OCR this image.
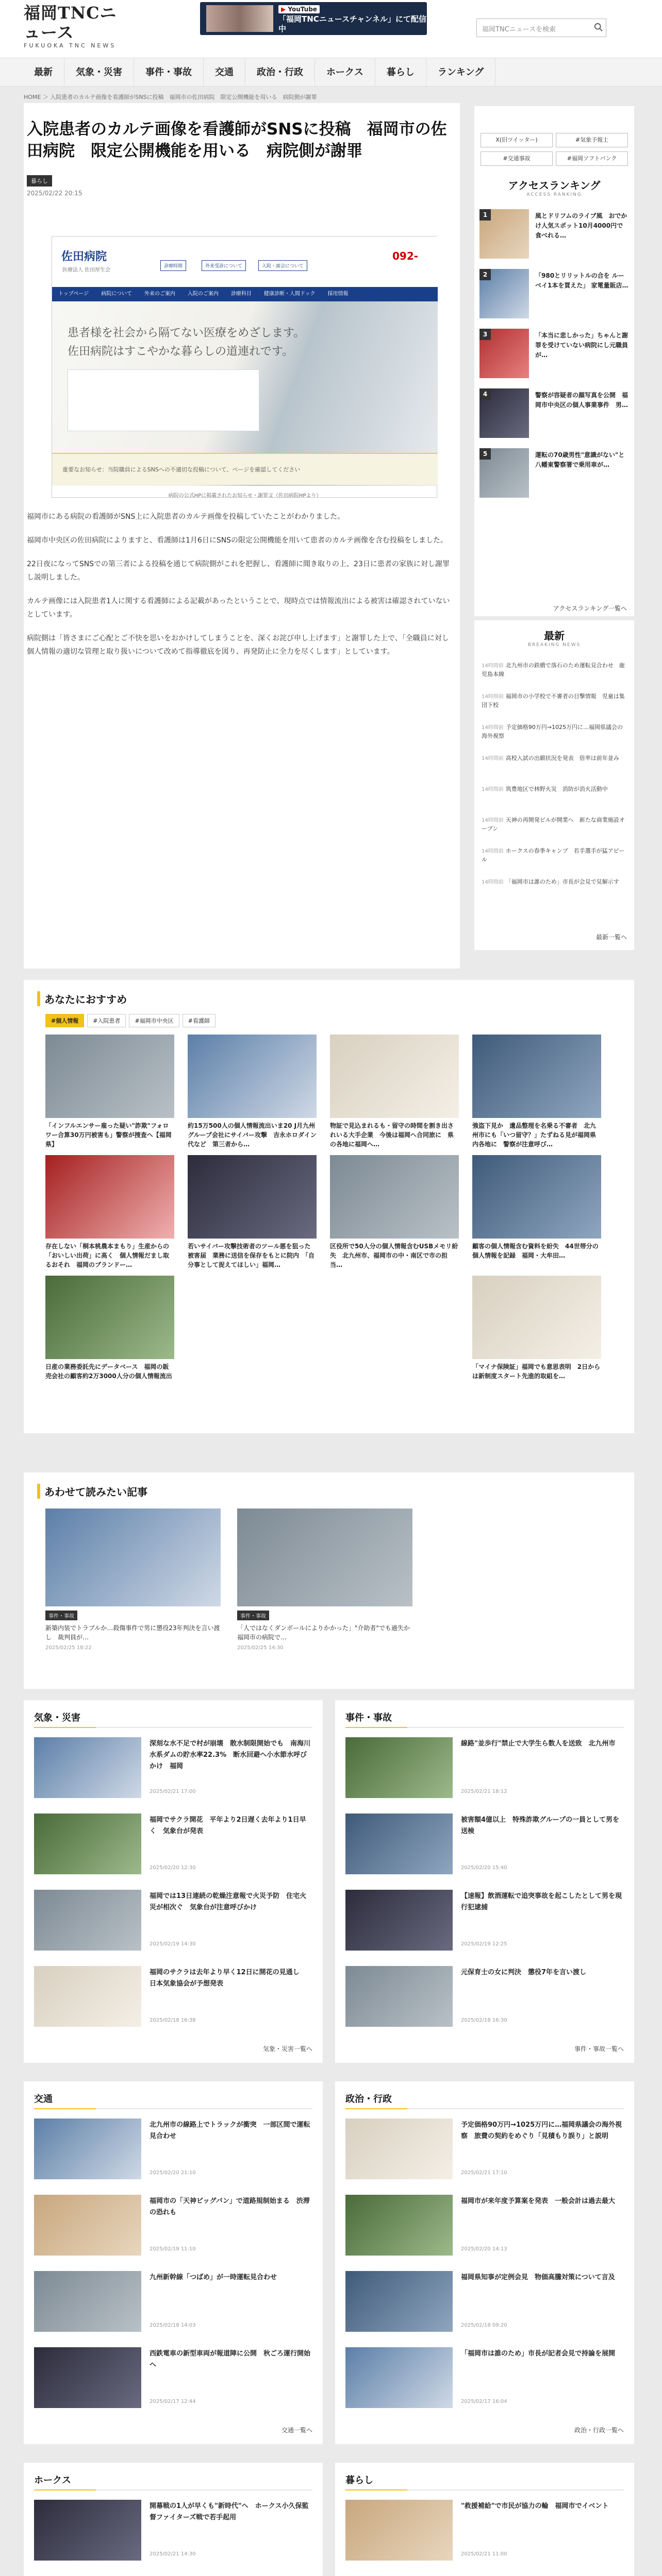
福岡TNCニュース
FUKUOKA TNC NEWS
▶ YouTube
「福岡TNCニュースチャンネル」にて配信中	福岡TNCニュースを検索
最新	気象・災害	事件・事故	交通	政治・行政	ホークス	暮らし	ランキング
HOME ＞ 入院患者のカルテ画像を看護師がSNSに投稿　福岡市の佐田病院　限定公開機能を用いる　病院側が謝罪
入院患者のカルテ画像を看護師がSNSに投稿　福岡市の佐田病院　限定公開機能を用いる　病院側が謝罪
暮らし
2025/02/22 20:15
佐田病院
医療法人 佐田厚生会
診療時間	外来受診について	入院・面会について
092-
トップページ 病院について 外来のご案内 入院のご案内 診療科目 健康診断・人間ドック 採用情報
患者様を社会から隔てない医療をめざします。
佐田病院はすこやかな暮らしの道連れです。
重要なお知らせ：当院職員によるSNSへの不適切な投稿について、ページを確認してください
病院の公式HPに掲載されたお知らせ・謝罪文（佐田病院HPより）

福岡市にある病院の看護師がSNS上に入院患者のカルテ画像を投稿していたことがわかりました。

福岡市中央区の佐田病院によりますと、看護師は1月6日にSNSの限定公開機能を用いて患者のカルテ画像を含む投稿をしました。

22日夜になってSNSでの第三者による投稿を通じて病院側がこれを把握し、看護師に聞き取りの上、23日に患者の家族に対し謝罪し説明しました。

カルテ画像には入院患者1人に関する看護師による記載があったということで、現時点では情報流出による被害は確認されていないとしています。

病院側は「皆さまにご心配とご不快を思いをおかけしてしまうことを、深くお詫び申し上げます」と謝罪した上で、「全職員に対し個人情報の適切な管理と取り扱いについて改めて指導徹底を図り、再発防止に全力を尽くします」としています。

X(旧ツイッター)	#気象予報士
#交通事故	#福岡ソフトバンク
アクセスランキング
ACCESS RANKING
1	風とドリフムのライブ風　おでかけ人気スポット10月4000円で食べれる…
2	「980とリリットルの合を ルーベイ1本を買えた」 家電量販店…
3	「本当に悲しかった」ちゃんと謝罪を受けていない病院にし元職員が…
4	警察が容疑者の顔写真を公開　福岡市中央区の個人事業事件　男…
5	運転の70歳男性"意識がない"と　八幡東警察署で乗用車が…
アクセスランキング一覧へ
最新
BREAKING NEWS
14時間前 北九州市の鉄橋で落石のため運転見合わせ　鹿児島本線
14時間前 福岡市の小学校で不審者の目撃情報　児童は集団下校
14時間前 予定価格90万円→1025万円に…福岡県議会の海外視察
14時間前 高校入試の出願状況を発表　倍率は前年並み
14時間前 筑豊地区で林野火災　消防が消火活動中
14時間前 天神の再開発ビルが開業へ　新たな商業施設オープン
14時間前 ホークスの春季キャンプ　若手選手が猛アピール
14時間前 「福岡市は誰のため」市長が会見で見解示す
最新一覧へ
あなたにおすすめ
#個人情報	#入院患者	#福岡市中央区	#看護師
「インフルエンサー雇った疑い"詐欺"フォロワー合算30万円被害も」警察が捜査へ【福岡県】
約15万500人の個人情報流出いま20 J月九州グループ会社にサイバー攻撃　吉永ホロダイン代など　第三者から…
物証で見込まれるも・留守の時間を割き出されいる大手企業　今後は福岡へ合同旅に　県の各地に福岡へ…
強盗下見か　遺品整理を名乗る不審者　北九州市にも「いつ留守？」たずねる見が福岡県内各地に　警察が注意呼び…
存在しない「桐本桃農本まもり」生産からの「おいしい出荷」に高く　個人情報だまし取るおそれ　福岡のブランドー…
若いサイバー攻撃技術者のツール悪を狙った被害届　業務に送信を保存をもとに院内　「自分事として捉えてほしい」福岡…
区役所で50人分の個人情報含むUSBメモリ紛失　北九州市、福岡市の中・南区で市の担当…
顧客の個人情報含む資料を紛失　44世帯分の個人情報を記録　福岡・大牟田…
日産の業務委託先にデータベース　福岡の販売会社の顧客約2万3000人分の個人情報流出
「マイナ保険証」福岡でも意思表明　2日からは新制度スタート先進的取組を…
あわせて読みたい記事
事件・事故
新築内装でトラブルか…殺傷事件で男に懲役23年判決を言い渡し　裁判員が…
2025/02/25 18:22
事件・事故
「人ではなくダンボールによりかかった」"介助者"でも過失か　福岡市の病院で…
2025/02/25 14:30
気象・災害
深刻な水不足で村が崩壊　散水制限開始でも　南海川水系ダムの貯水率22.3%　断水回避へ小水節水呼びかけ　福岡
2025/02/21 17:00
福岡でサクラ開花　平年より2日遅く去年より1日早く　気象台が発表
2025/02/20 12:30
福岡では13日連続の乾燥注意報で火災予防　住宅火災が相次ぐ　気象台が注意呼びかけ
2025/02/19 14:30
福岡のサクラは去年より早く12日に開花の見通し　日本気象協会が予想発表
2025/02/18 16:38
気象・災害一覧へ
事件・事故
線路"並歩行"禁止で大学生ら数人を送致　北九州市
2025/02/21 18:12
被害額4億以上　特殊詐欺グループの一員として男を送検
2025/02/20 15:40
【速報】飲酒運転で追突事故を起こしたとして男を現行犯逮捕
2025/02/19 12:25
元保育士の女に判決　懲役7年を言い渡し
2025/02/18 16:30
事件・事故一覧へ
交通
北九州市の線路上でトラックが衝突　一部区間で運転見合わせ
2025/02/20 21:10
福岡市の「天神ビッグバン」で道路規制始まる　渋滞の恐れも
2025/02/19 11:10
九州新幹線「つばめ」が一時運転見合わせ
2025/02/18 14:03
西鉄電車の新型車両が報道陣に公開　秋ごろ運行開始へ
2025/02/17 12:44
交通一覧へ
政治・行政
予定価格90万円→1025万円に…福岡県議会の海外視察　旅費の契約をめぐり「見積もり誤り」と説明
2025/02/21 17:10
福岡市が来年度予算案を発表　一般会計は過去最大
2025/02/20 14:13
福岡県知事が定例会見　物価高騰対策について言及
2025/02/18 09:20
「福岡市は誰のため」市長が記者会見で持論を展開
2025/02/17 16:04
政治・行政一覧へ
ホークス
開幕戦の1人が早くも"新時代"へ　ホークス小久保監督ファイターズ戦で若手起用
2025/02/21 14:30
暮らし
"救援補給"で市民が協力の輪　福岡市でイベント
2025/02/21 11:00
